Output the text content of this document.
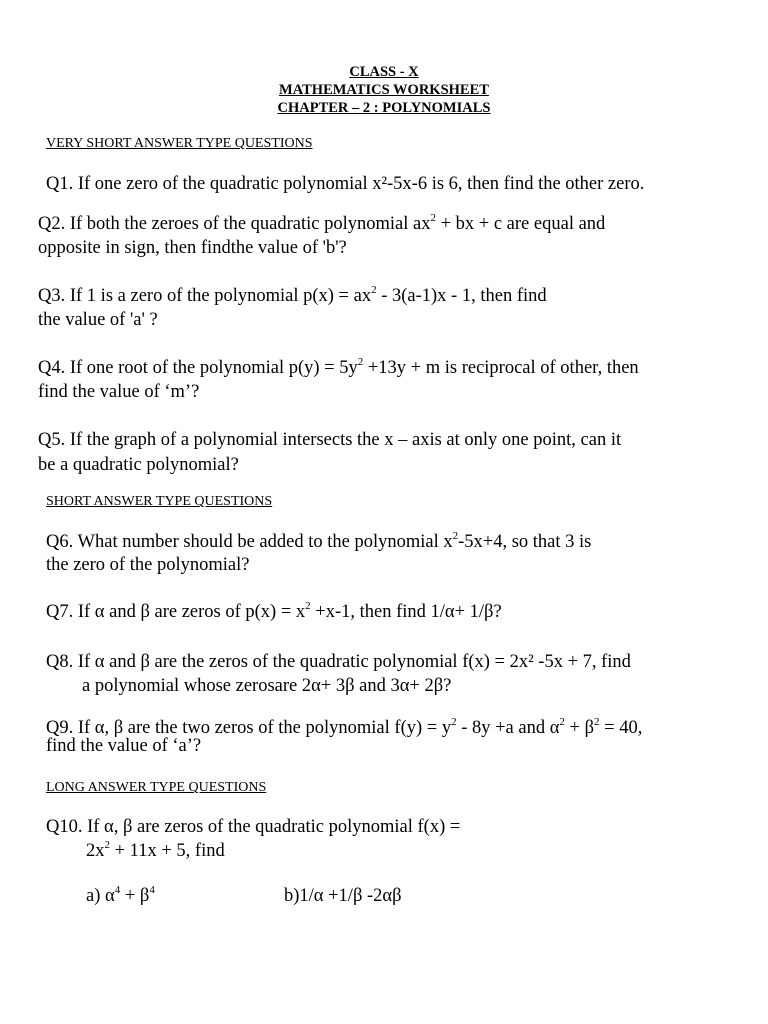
CLASS - X
MATHEMATICS WORKSHEET
CHAPTER – 2 : POLYNOMIALS
VERY SHORT ANSWER TYPE QUESTIONS
Q1. If one zero of the quadratic polynomial x²-5x-6 is 6, then find the other zero.
Q2. If both the zeroes of the quadratic polynomial $ax^2$ + bx + c are equal and
opposite in sign, then findthe value of 'b'?
Q3. If 1 is a zero of the polynomial $p(x) = ax^2 - 3(a-1)x - 1$, then find
the value of 'a' ?
Q4. If one root of the polynomial $p(y) = 5y^2 +13y + m$ is reciprocal of other, then
find the value of ‘m’?
Q5. If the graph of a polynomial intersects the x – axis at only one point, can it
be a quadratic polynomial?
SHORT ANSWER TYPE QUESTIONS
Q6. What number should be added to the polynomial $x^2-5x+4$, so that 3 is
the zero of the polynomial?
Q7. If α and β are zeros of $p(x) = x^2 +x-1$, then find 1/α+ 1/β?
Q8. If α and β are the zeros of the quadratic polynomial f(x) = 2x² -5x + 7, find
a polynomial whose zerosare 2α+ 3β and 3α+ 2β?
Q9. If α, β are the two zeros of the polynomial $f(y) = y^2 - 8y +a$ and $\alpha^2 + \beta^2 = 40$,
find the value of ‘a’?
LONG ANSWER TYPE QUESTIONS
Q10. If α, β are zeros of the quadratic polynomial f(x) =
$2x^2 + 11x + 5$, find
a) $\alpha^4 + \beta^4$	b)1/α +1/β -2αβ
